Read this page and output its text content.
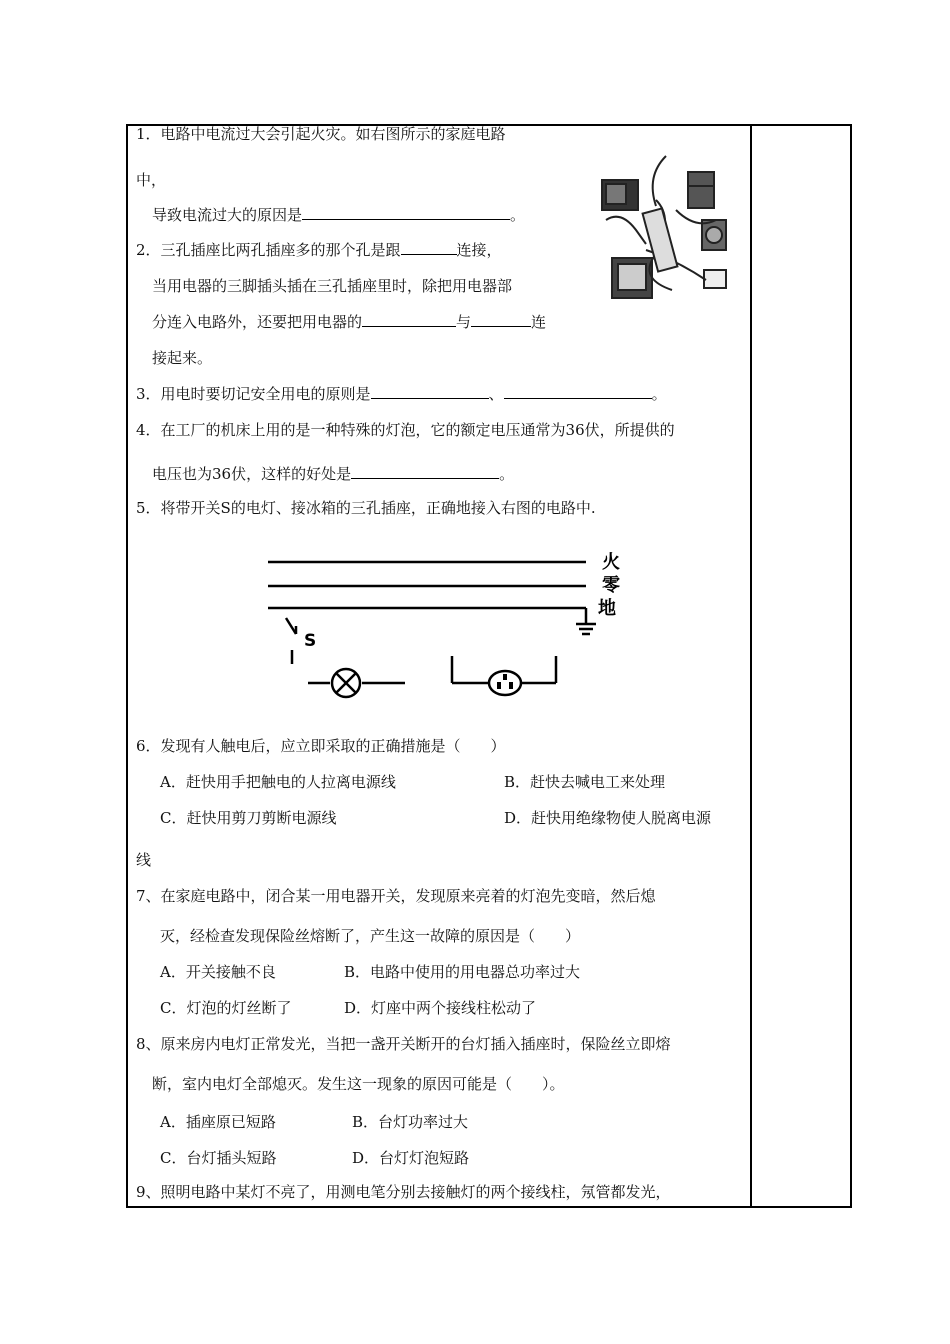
1．电路中电流过大会引起火灾。如右图所示的家庭电路
中，
导致电流过大的原因是	。
2．三孔插座比两孔插座多的那个孔是跟	连接，
当用电器的三脚插头插在三孔插座里时，除把用电器部
分连入电路外，还要把用电器的	与	连
接起来。
3．用电时要切记安全用电的原则是	、	。
4．在工厂的机床上用的是一种特殊的灯泡，它的额定电压通常为36伏，所提供的
电压也为36伏，这样的好处是	。
5．将带开关S的电灯、接冰箱的三孔插座，正确地接入右图的电路中.
火
零
地
S
6．发现有人触电后，应立即采取的正确措施是（　　）
A．赶快用手把触电的人拉离电源线	B．赶快去喊电工来处理
C．赶快用剪刀剪断电源线	D．赶快用绝缘物使人脱离电源
线
7、在家庭电路中，闭合某一用电器开关，发现原来亮着的灯泡先变暗，然后熄
灭，经检查发现保险丝熔断了，产生这一故障的原因是（　　）
A．开关接触不良	B．电路中使用的用电器总功率过大
C．灯泡的灯丝断了	D．灯座中两个接线柱松动了
8、原来房内电灯正常发光，当把一盏开关断开的台灯插入插座时，保险丝立即熔
断，室内电灯全部熄灭。发生这一现象的原因可能是（　　）。
A．插座原已短路	B．台灯功率过大
C．台灯插头短路	D．台灯灯泡短路
9、照明电路中某灯不亮了，用测电笔分别去接触灯的两个接线柱，氖管都发光，
